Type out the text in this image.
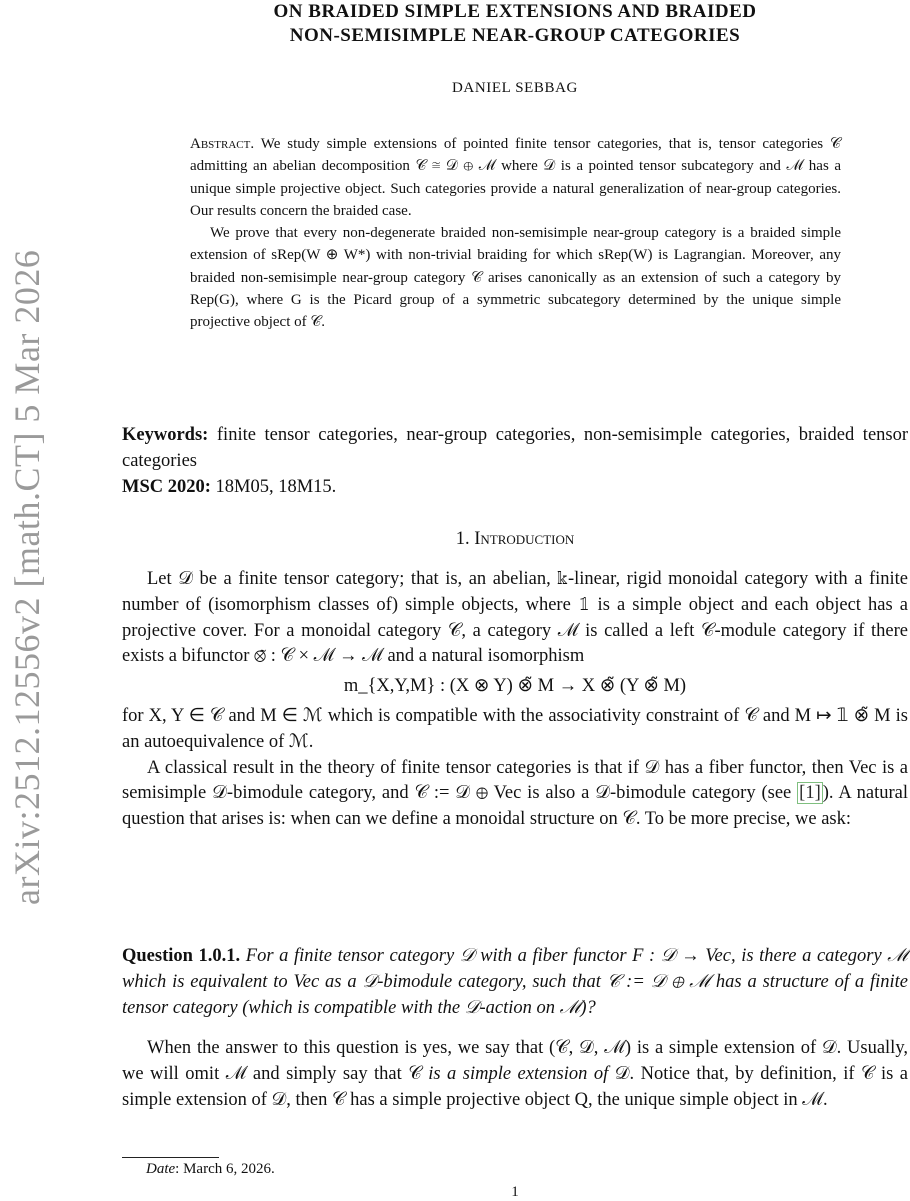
arXiv:2512.12556v2 [math.CT] 5 Mar 2026
ON BRAIDED SIMPLE EXTENSIONS AND BRAIDED
NON-SEMISIMPLE NEAR-GROUP CATEGORIES
DANIEL SEBBAG

Abstract. We study simple extensions of pointed finite tensor categories, that is, tensor categories 𝒞 admitting an abelian decomposition 𝒞 ≅ 𝒟 ⊕ ℳ where 𝒟 is a pointed tensor subcategory and ℳ has a unique simple projective object. Such categories provide a natural generalization of near-group categories. Our results concern the braided case.

We prove that every non-degenerate braided non-semisimple near-group category is a braided simple extension of sRep(W ⊕ W*) with non-trivial braiding for which sRep(W) is Lagrangian. Moreover, any braided non-semisimple near-group category 𝒞 arises canonically as an extension of such a category by Rep(G), where G is the Picard group of a symmetric subcategory determined by the unique simple projective object of 𝒞.

Keywords: finite tensor categories, near-group categories, non-semisimple categories, braided tensor categories
MSC 2020: 18M05, 18M15.
1. Introduction

Let 𝒟 be a finite tensor category; that is, an abelian, 𝕜-linear, rigid monoidal category with a finite number of (isomorphism classes of) simple objects, where 𝟙 is a simple object and each object has a projective cover. For a monoidal category 𝒞, a category ℳ is called a left 𝒞-module category if there exists a bifunctor ⊗̃ : 𝒞 × ℳ → ℳ and a natural isomorphism

m_{X,Y,M} : (X ⊗ Y) ⊗̃ M → X ⊗̃ (Y ⊗̃ M)

for X, Y ∈ 𝒞 and M ∈ ℳ which is compatible with the associativity constraint of 𝒞 and M ↦ 𝟙 ⊗̃ M is an autoequivalence of ℳ.

A classical result in the theory of finite tensor categories is that if 𝒟 has a fiber functor, then Vec is a semisimple 𝒟-bimodule category, and 𝒞 := 𝒟 ⊕ Vec is also a 𝒟-bimodule category (see [1] ). A natural question that arises is: when can we define a monoidal structure on 𝒞. To be more precise, we ask:

Question 1.0.1. For a finite tensor category 𝒟 with a fiber functor F : 𝒟 → Vec, is there a category ℳ which is equivalent to Vec as a 𝒟-bimodule category, such that 𝒞 := 𝒟 ⊕ ℳ has a structure of a finite tensor category (which is compatible with the 𝒟-action on ℳ)?

When the answer to this question is yes, we say that (𝒞, 𝒟, ℳ) is a simple extension of 𝒟. Usually, we will omit ℳ and simply say that 𝒞 is a simple extension of 𝒟. Notice that, by definition, if 𝒞 is a simple extension of 𝒟, then 𝒞 has a simple projective object Q, the unique simple object in ℳ.

Date: March 6, 2026.
1
